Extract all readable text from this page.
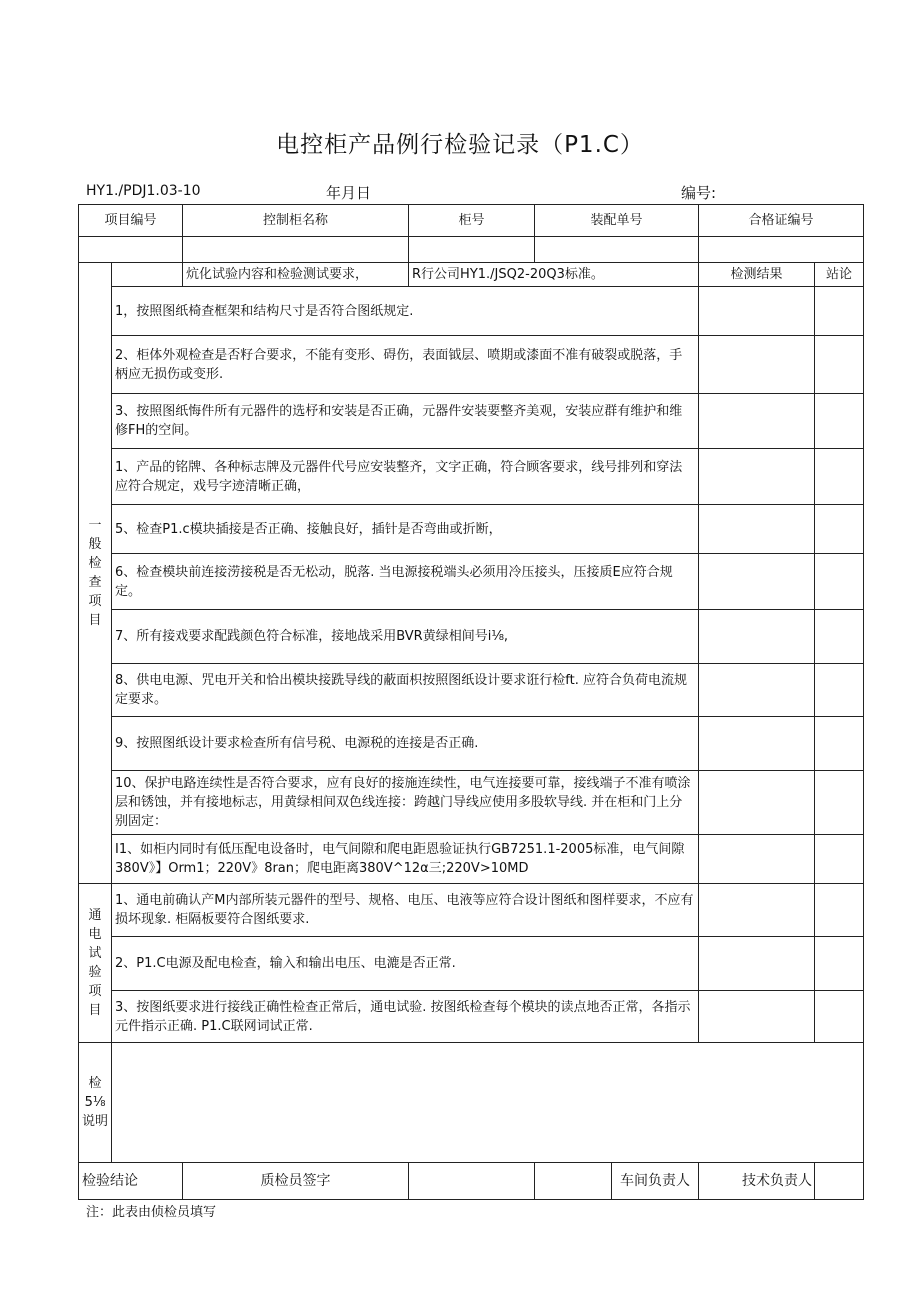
电控柜产品例行检验记录（P1.C）
HY1./PDJ1.03-10	年月日	编号:
项目编号		控制柜名称	柜号	装配单号	合格证编号	

一般检查项目		炕化试验内容和检验测试要求，	R行公司HY1./JSQ2-20Q3标准。		检测结果	站论
	1，按照图纸椅查框架和结构尺寸是否符合图纸规定.					
	2、柜体外观检查是否籽合要求，不能有变形、碍伤，表面钺层、喷期或漆面不准有破裂或脱落，手柄应无损伤或变形.					
	3、按照图纸悔件所有元器件的选杼和安装是否正确，元器件安装要整齐美观，安装应群有维护和维修FH的空间。					
	1、产品的铭牌、各种标志牌及元器件代号应安装整齐，文字正确，符合顾客要求，线号排列和穿法应符合规定，戏号字迹清晰正确，					
	5、检查P1.c模块插接是否正确、接触良好，插针是否弯曲或折断，					
	6、检查模块前连接涝接税是否无松动，脱落. 当电源接税端头必须用冷压接头，压接质E应符合规定。					
	7、所有接戏要求配践颜色符合标准，接地战采用BVR黄绿相间号i⅛,					
	8、供电电源、咒电开关和恰出模块接跣导线的蔽面枳按照图纸设计要求诳行检ft. 应符合负荷电流规定要求。					
	9、按照图纸设计要求检查所有信号税、电源税的连接是否正确.					
	10、保护电路连续性是否符合要求，应有良好的接施连续性，电气连接要可靠，接线端子不准有喷涂层和锈蚀，并有接地标志，用黄绿相间双色线连接：跨越门导线应使用多股软导线. 并在柜和门上分别固定：					
	I1、如柜内同时有低压配电设备时，电气间隙和爬电距恩验证执行GB7251.1-2005标准，电气间隙380V》】Orm1；220V》8ran；爬电距离380V^12α三;220V>10MD					
通电试验项目	1、通电前确认产M内部所装元器件的型号、规格、电压、电液等应符合设计图纸和图样要求，不应有损坏现象. 柜隔板要符合图纸要求.					
	2、P1.C电源及配电检查，输入和输出电压、电漉是否正常.					
	3、按图纸要求进行接线正确性检查正常后，通电试验. 按图纸检查每个模块的读点地否正常，各指示元件指示正确. P1.C联网词试正常.					

检5⅛
说明						

检验结论		质检员签字		车间负责人	技术负责人	

注：此表由侦检员填写
